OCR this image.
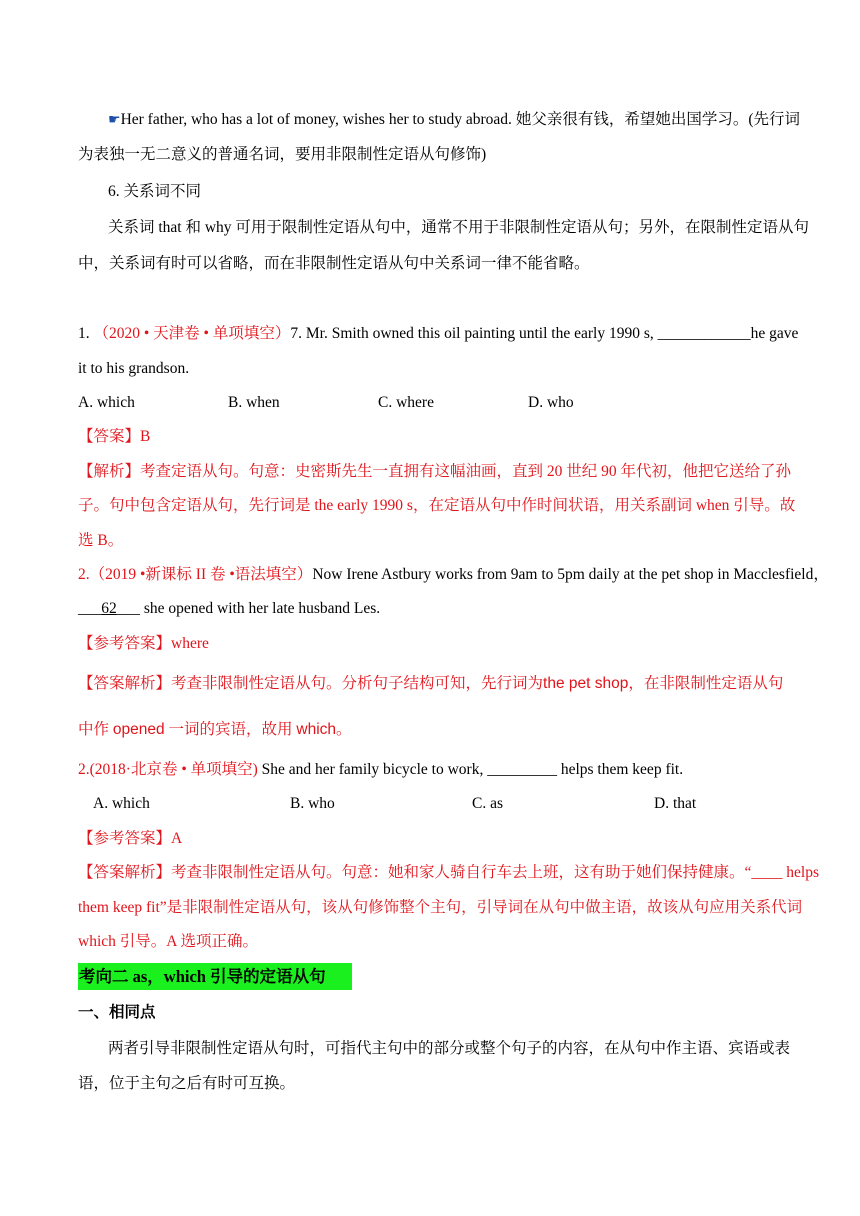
☛Her father, who has a lot of money, wishes her to study abroad. 她父亲很有钱，希望她出国学习。(先行词
为表独一无二意义的普通名词，要用非限制性定语从句修饰)
6. 关系词不同
关系词 that 和 why 可用于限制性定语从句中，通常不用于非限制性定语从句；另外，在限制性定语从句
中，关系词有时可以省略，而在非限制性定语从句中关系词一律不能省略。
1. （2020 • 天津卷 • 单项填空）7. Mr. Smith owned this oil painting until the early 1990 s, ____________he gave
it to his grandson.
A. which	B. when	C. where	D. who
【答案】B
【解析】考查定语从句。句意：史密斯先生一直拥有这幅油画，直到 20 世纪 90 年代初，他把它送给了孙
子。句中包含定语从句，先行词是 the early 1990 s，在定语从句中作时间状语，用关系副词 when 引导。故
选 B。
2.（2019 •新课标 II 卷 •语法填空）Now Irene Astbury works from 9am to 5pm daily at the pet shop in Macclesfield，
___62___ she opened with her late husband Les.
【参考答案】where
【答案解析】考查非限制性定语从句。分析句子结构可知，先行词为the pet shop，在非限制性定语从句
中作 opened 一词的宾语，故用 which。
2.(2018·北京卷 • 单项填空) She and her family bicycle to work, _________ helps them keep fit.
A. which	B. who	C. as	D. that
【参考答案】A
【答案解析】考查非限制性定语从句。句意：她和家人骑自行车去上班，这有助于她们保持健康。“____ helps
them keep fit”是非限制性定语从句，该从句修饰整个主句，引导词在从句中做主语，故该从句应用关系代词
which 引导。A 选项正确。
考向二 as，which 引导的定语从句
一、相同点
两者引导非限制性定语从句时，可指代主句中的部分或整个句子的内容，在从句中作主语、宾语或表
语，位于主句之后有时可互换。
